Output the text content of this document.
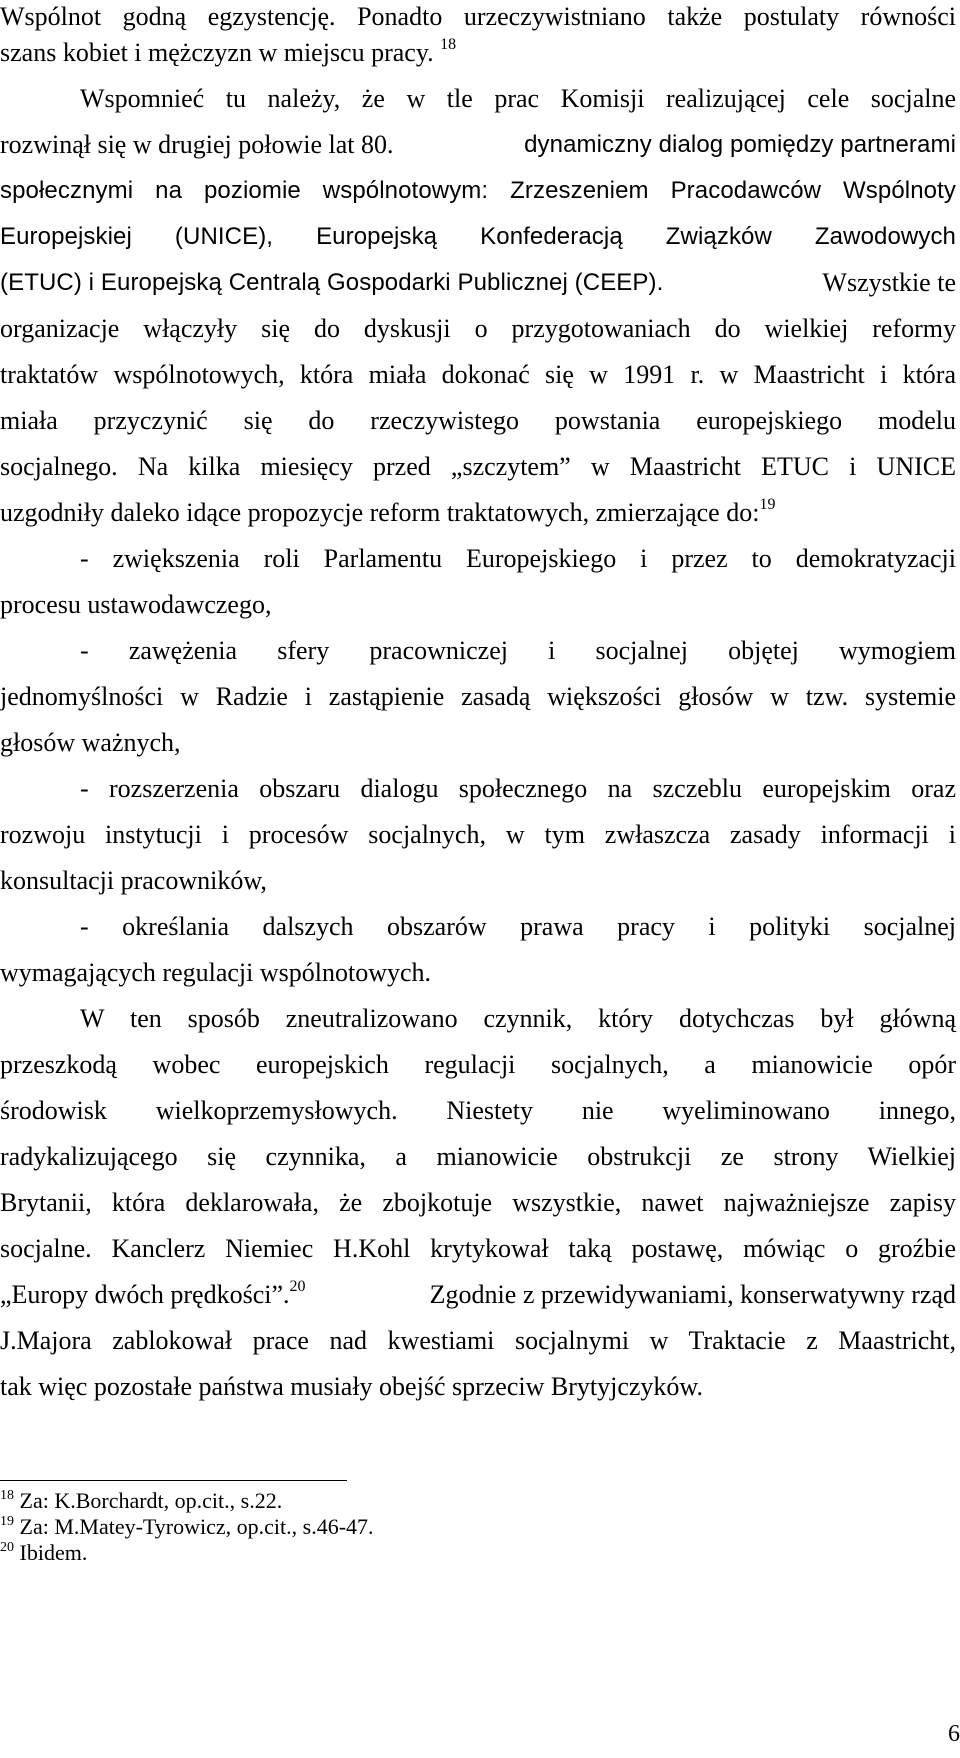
Wspólnot godną egzystencję. Ponadto urzeczywistniano także postulaty równości
szans kobiet i mężczyzn w miejscu pracy. $^{18}$
Wspomnieć tu należy, że w tle prac Komisji realizującej cele socjalne
rozwinął się w drugiej połowie lat 80.	dynamiczny dialog pomiędzy partnerami
społecznymi na poziomie wspólnotowym: Zrzeszeniem Pracodawców Wspólnoty
Europejskiej (UNICE), Europejską Konfederacją Związków Zawodowych
(ETUC) i Europejską Centralą Gospodarki Publicznej (CEEP).	Wszystkie te
organizacje włączyły się do dyskusji o przygotowaniach do wielkiej reformy
traktatów wspólnotowych, która miała dokonać się w 1991 r. w Maastricht i która
miała przyczynić się do rzeczywistego powstania europejskiego modelu
socjalnego. Na kilka miesięcy przed „szczytem” w Maastricht ETUC i UNICE
uzgodniły daleko idące propozycje reform traktatowych, zmierzające do:$^{19}$
- zwiększenia roli Parlamentu Europejskiego i przez to demokratyzacji
procesu ustawodawczego,
- zawężenia sfery pracowniczej i socjalnej objętej wymogiem
jednomyślności w Radzie i zastąpienie zasadą większości głosów w tzw. systemie
głosów ważnych,
- rozszerzenia obszaru dialogu społecznego na szczeblu europejskim oraz
rozwoju instytucji i procesów socjalnych, w tym zwłaszcza zasady informacji i
konsultacji pracowników,
- określania dalszych obszarów prawa pracy i polityki socjalnej
wymagających regulacji wspólnotowych.
W ten sposób zneutralizowano czynnik, który dotychczas był główną
przeszkodą wobec europejskich regulacji socjalnych, a mianowicie opór
środowisk wielkoprzemysłowych. Niestety nie wyeliminowano innego,
radykalizującego się czynnika, a mianowicie obstrukcji ze strony Wielkiej
Brytanii, która deklarowała, że zbojkotuje wszystkie, nawet najważniejsze zapisy
socjalne. Kanclerz Niemiec H.Kohl krytykował taką postawę, mówiąc o groźbie
„Europy dwóch prędkości”.$^{20}$	Zgodnie z przewidywaniami, konserwatywny rząd
J.Majora zablokował prace nad kwestiami socjalnymi w Traktacie z Maastricht,
tak więc pozostałe państwa musiały obejść sprzeciw Brytyjczyków.
$^{18}$ Za: K.Borchardt, op.cit., s.22.
$^{19}$ Za: M.Matey-Tyrowicz, op.cit., s.46-47.
$^{20}$ Ibidem.
6
